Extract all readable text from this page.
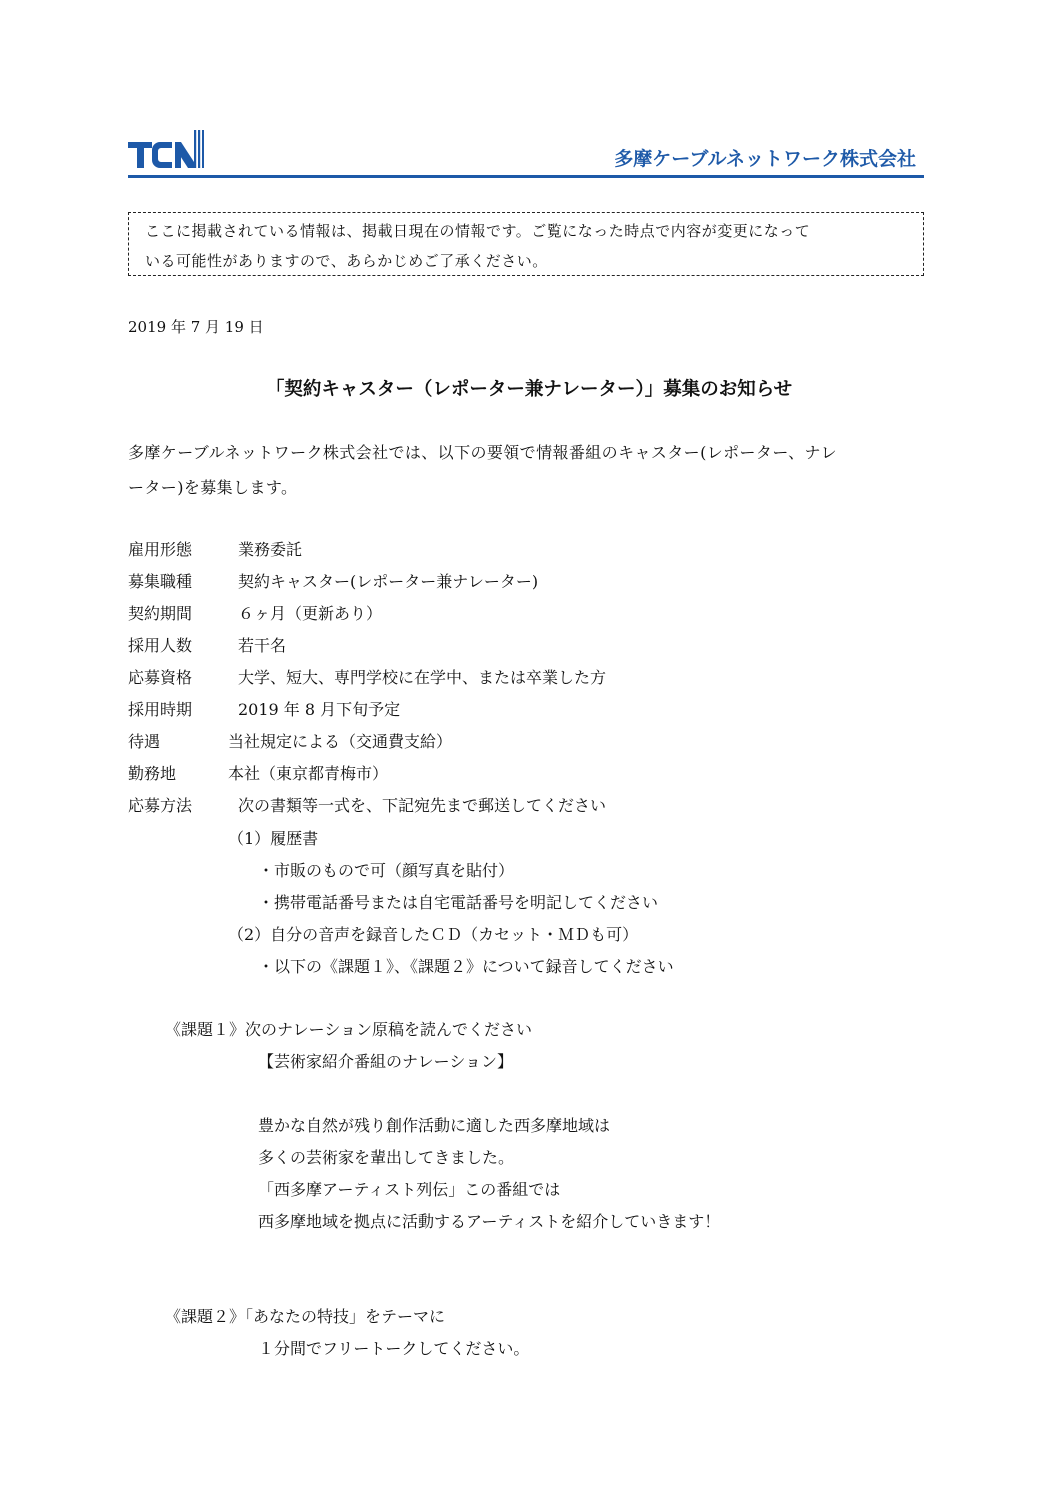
多摩ケーブルネットワーク株式会社
ここに掲載されている情報は、掲載日現在の情報です。ご覧になった時点で内容が変更になって
いる可能性がありますので、あらかじめご了承ください。
2019 年 7 月 19 日
「契約キャスター（レポーター兼ナレーター）」募集のお知らせ
多摩ケーブルネットワーク株式会社では、以下の要領で情報番組のキャスター(レポーター、ナレ
ーター)を募集します。
雇用形態	業務委託
募集職種	契約キャスター(レポーター兼ナレーター)
契約期間	６ヶ月（更新あり）
採用人数	若干名
応募資格	大学、短大、専門学校に在学中、または卒業した方
採用時期	2019 年 8 月下旬予定
待遇	当社規定による（交通費支給）
勤務地	本社（東京都青梅市）
応募方法	次の書類等一式を、下記宛先まで郵送してください
（1）履歴書
・市販のもので可（顔写真を貼付）
・携帯電話番号または自宅電話番号を明記してください
（2）自分の音声を録音したＣＤ（カセット・ＭＤも可）
・以下の《課題１》、《課題２》について録音してください
《課題１》次のナレーション原稿を読んでください
【芸術家紹介番組のナレーション】
豊かな自然が残り創作活動に適した西多摩地域は
多くの芸術家を輩出してきました。
「西多摩アーティスト列伝」この番組では
西多摩地域を拠点に活動するアーティストを紹介していきます！
《課題２》「あなたの特技」をテーマに
１分間でフリートークしてください。
